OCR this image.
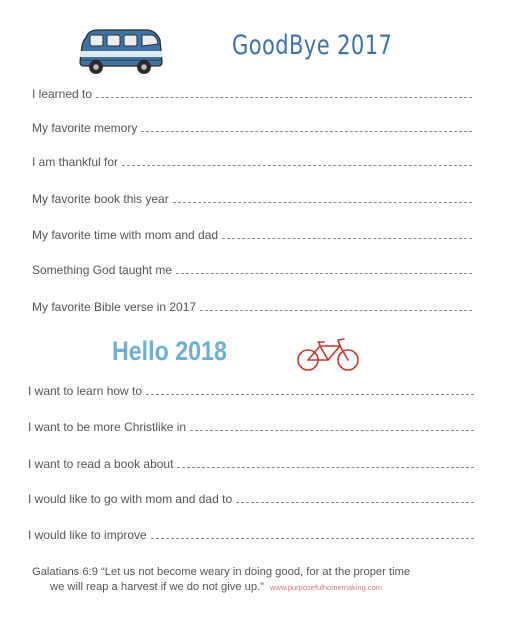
GoodBye 2017
I learned to
My favorite memory
I am thankful for
My favorite book this year
My favorite time with mom and dad
Something God taught me
My favorite Bible verse in 2017
Hello 2018
I want to learn how to
I want to be more Christlike in
I want to read a book about
I would like to go with mom and dad to
I would like to improve
Galatians 6:9 “Let us not become weary in doing good, for at the proper time
we will reap a harvest if we do not give up.” www.purposefulhomemaking.com
